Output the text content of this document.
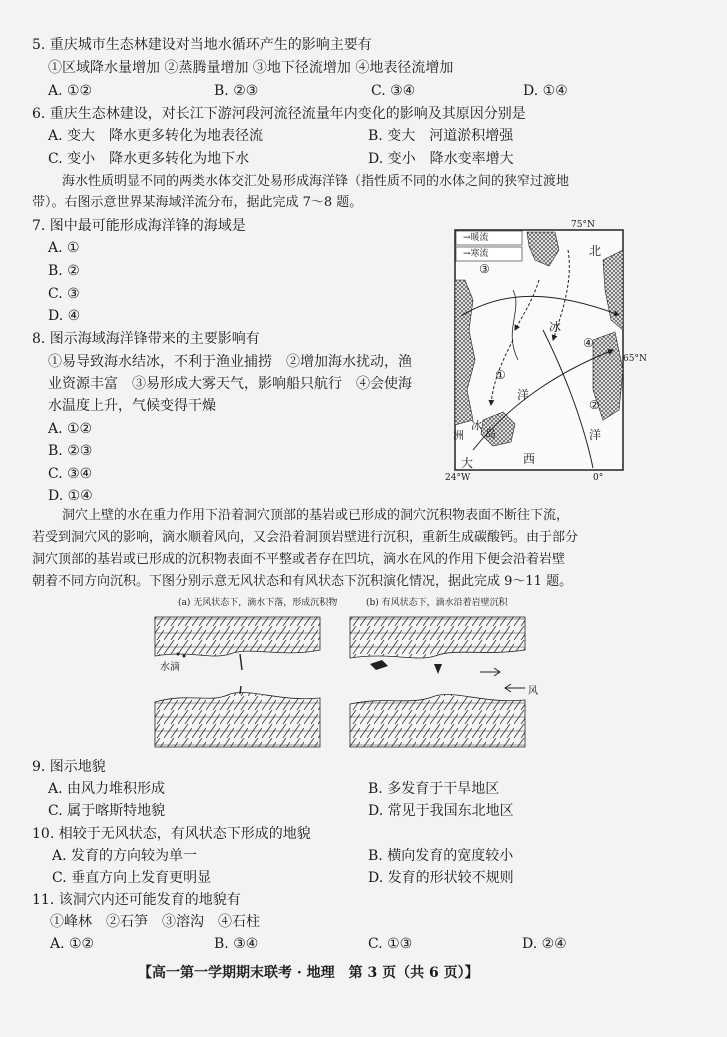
5. 重庆城市生态林建设对当地水循环产生的影响主要有
①区域降水量增加 ②蒸腾量增加 ③地下径流增加 ④地表径流增加
A. ①②	B. ②③	C. ③④	D. ①④
6. 重庆生态林建设，对长江下游河段河流径流量年内变化的影响及其原因分别是
A. 变大　降水更多转化为地表径流	B. 变大　河道淤积增强
C. 变小　降水更多转化为地下水	D. 变小　降水变率增大
海水性质明显不同的两类水体交汇处易形成海洋锋（指性质不同的水体之间的狭窄过渡地
带）。右图示意世界某海域洋流分布，据此完成 7～8 题。
7. 图中最可能形成海洋锋的海域是
A. ①
B. ②
C. ③
D. ④
8. 图示海域海洋锋带来的主要影响有
①易导致海水结冰，不利于渔业捕捞　②增加海水扰动，渔
业资源丰富　③易形成大雾天气，影响船只航行　④会使海
水温度上升，气候变得干燥
A. ①②
B. ②③
C. ③④
D. ①④
→暖流
→寒流
75°N
65°N
24°W	0°
北
冰
洋
冰
大	西
洋
岛
洲
①
②
③
④
洞穴上壁的水在重力作用下沿着洞穴顶部的基岩或已形成的洞穴沉积物表面不断往下流，
若受到洞穴风的影响，滴水顺着风向，又会沿着洞顶岩壁进行沉积，重新生成碳酸钙。由于部分
洞穴顶部的基岩或已形成的沉积物表面不平整或者存在凹坑，滴水在风的作用下便会沿着岩壁
朝着不同方向沉积。下图分别示意无风状态和有风状态下沉积演化情况，据此完成 9～11 题。
(a) 无风状态下，滴水下落，形成沉积物	(b) 有风状态下，滴水沿着岩壁沉积
水滴
风
9. 图示地貌
A. 由风力堆积形成	B. 多发育于干旱地区
C. 属于喀斯特地貌	D. 常见于我国东北地区
10. 相较于无风状态，有风状态下形成的地貌
A. 发育的方向较为单一	B. 横向发育的宽度较小
C. 垂直方向上发育更明显	D. 发育的形状较不规则
11. 该洞穴内还可能发育的地貌有
①峰林　②石笋　③溶沟　④石柱
A. ①②	B. ③④	C. ①③	D. ②④
【高一第一学期期末联考 · 地理　第 3 页（共 6 页）】
